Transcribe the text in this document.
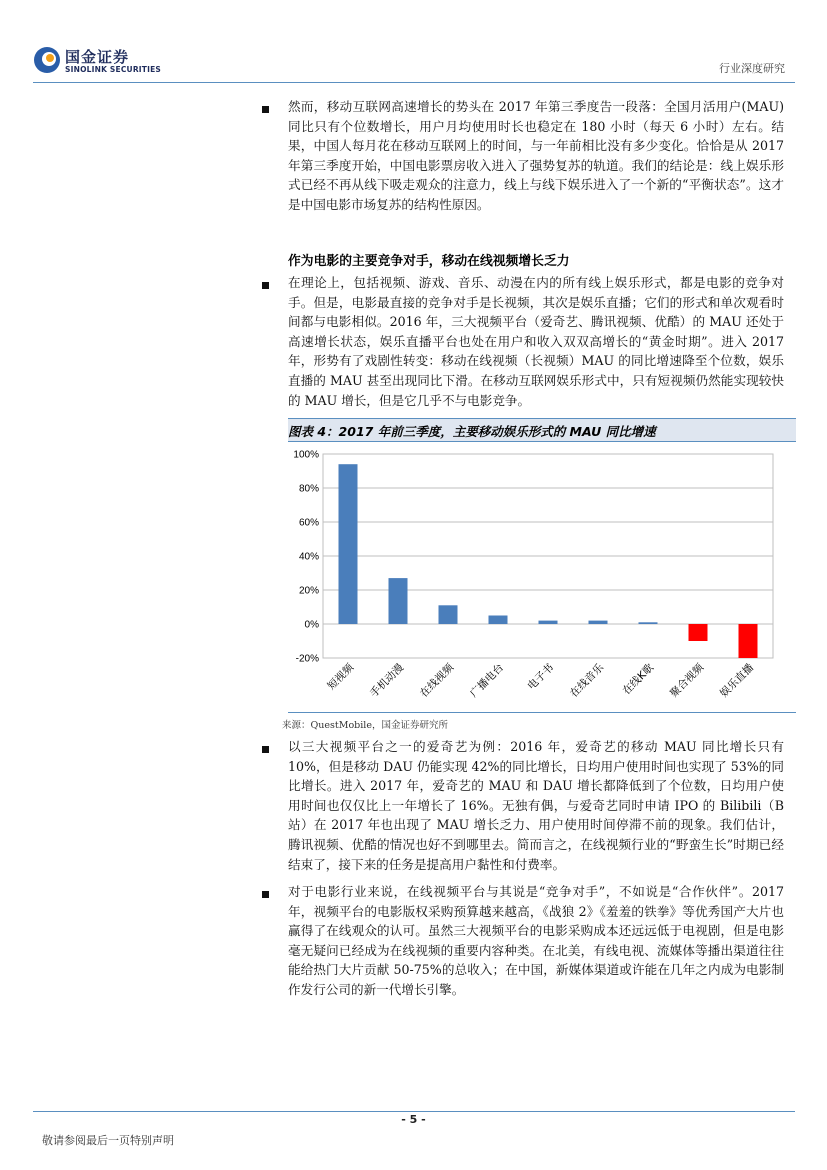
国金证券
SINOLINK SECURITIES	行业深度研究
然而，移动互联网高速增长的势头在 2017 年第三季度告一段落：全国月活用户(MAU)同比只有个位数增长，用户月均使用时长也稳定在 180 小时（每天 6 小时）左右。结果，中国人每月花在移动互联网上的时间，与一年前相比没有多少变化。恰恰是从 2017 年第三季度开始，中国电影票房收入进入了强势复苏的轨道。我们的结论是：线上娱乐形式已经不再从线下吸走观众的注意力，线上与线下娱乐进入了一个新的“平衡状态”。这才是中国电影市场复苏的结构性原因。
作为电影的主要竞争对手，移动在线视频增长乏力
在理论上，包括视频、游戏、音乐、动漫在内的所有线上娱乐形式，都是电影的竞争对手。但是，电影最直接的竞争对手是长视频，其次是娱乐直播；它们的形式和单次观看时间都与电影相似。2016 年，三大视频平台（爱奇艺、腾讯视频、优酷）的 MAU 还处于高速增长状态，娱乐直播平台也处在用户和收入双双高增长的“黄金时期”。进入 2017 年，形势有了戏剧性转变：移动在线视频（长视频）MAU 的同比增速降至个位数，娱乐直播的 MAU 甚至出现同比下滑。在移动互联网娱乐形式中，只有短视频仍然能实现较快的 MAU 增长，但是它几乎不与电影竞争。
图表 4：2017 年前三季度，主要移动娱乐形式的 MAU 同比增速
-20%
0%
20%
40%
60%
80%
100%
短视频 手机动漫 在线视频 广播电台 电子书 在线音乐 在线K歌 聚合视频 娱乐直播
来源：QuestMobile，国金证券研究所
以三大视频平台之一的爱奇艺为例：2016 年，爱奇艺的移动 MAU 同比增长只有 10%，但是移动 DAU 仍能实现 42%的同比增长，日均用户使用时间也实现了 53%的同比增长。进入 2017 年，爱奇艺的 MAU 和 DAU 增长都降低到了个位数，日均用户使用时间也仅仅比上一年增长了 16%。无独有偶，与爱奇艺同时申请 IPO 的 Bilibili（B 站）在 2017 年也出现了 MAU 增长乏力、用户使用时间停滞不前的现象。我们估计，腾讯视频、优酷的情况也好不到哪里去。简而言之，在线视频行业的“野蛮生长”时期已经结束了，接下来的任务是提高用户黏性和付费率。
对于电影行业来说，在线视频平台与其说是“竞争对手”，不如说是“合作伙伴”。2017 年，视频平台的电影版权采购预算越来越高，《战狼 2》《羞羞的铁拳》等优秀国产大片也赢得了在线观众的认可。虽然三大视频平台的电影采购成本还远远低于电视剧，但是电影毫无疑问已经成为在线视频的重要内容种类。在北美，有线电视、流媒体等播出渠道往往能给热门大片贡献 50-75%的总收入；在中国，新媒体渠道或许能在几年之内成为电影制作发行公司的新一代增长引擎。
- 5 -
敬请参阅最后一页特别声明
